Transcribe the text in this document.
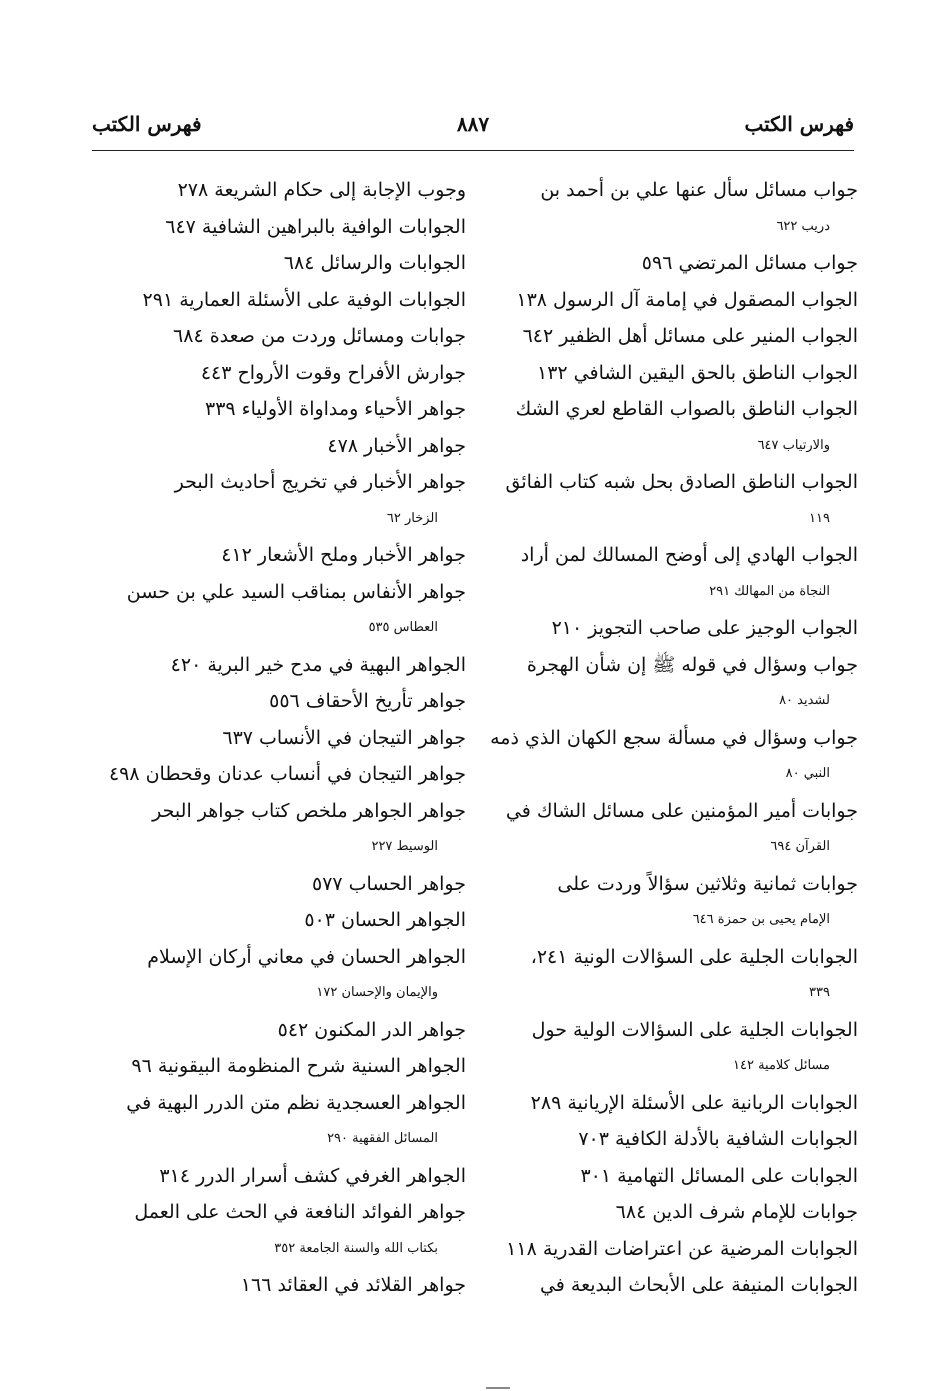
فهرس الكتب
٨٨٧
فهرس الكتب
جواب مسائل سأل عنها علي بن أحمد بن
دريب ٦٢٢
جواب مسائل المرتضي ٥٩٦
الجواب المصقول في إمامة آل الرسول ١٣٨
الجواب المنير على مسائل أهل الظفير ٦٤٢
الجواب الناطق بالحق اليقين الشافي ١٣٢
الجواب الناطق بالصواب القاطع لعري الشك
والارتياب ٦٤٧
الجواب الناطق الصادق بحل شبه كتاب الفائق
١١٩
الجواب الهادي إلى أوضح المسالك لمن أراد
النجاة من المهالك ٢٩١
الجواب الوجيز على صاحب التجويز ٢١٠
جواب وسؤال في قوله ﷺ إن شأن الهجرة
لشديد ٨٠
جواب وسؤال في مسألة سجع الكهان الذي ذمه
النبي ٨٠
جوابات أمير المؤمنين على مسائل الشاك في
القرآن ٦٩٤
جوابات ثمانية وثلاثين سؤالاً وردت على
الإمام يحيى بن حمزة ٦٤٦
الجوابات الجلية على السؤالات الونية ٢٤١،
٣٣٩
الجوابات الجلية على السؤالات الولية حول
مسائل كلامية ١٤٢
الجوابات الربانية على الأسئلة الإريانية ٢٨٩
الجوابات الشافية بالأدلة الكافية ٧٠٣
الجوابات على المسائل التهامية ٣٠١
جوابات للإمام شرف الدين ٦٨٤
الجوابات المرضية عن اعتراضات القدرية ١١٨
الجوابات المنيفة على الأبحاث البديعة في
وجوب الإجابة إلى حكام الشريعة ٢٧٨
الجوابات الوافية بالبراهين الشافية ٦٤٧
الجوابات والرسائل ٦٨٤
الجوابات الوفية على الأسئلة العمارية ٢٩١
جوابات ومسائل وردت من صعدة ٦٨٤
جوارش الأفراح وقوت الأرواح ٤٤٣
جواهر الأحياء ومداواة الأولياء ٣٣٩
جواهر الأخبار ٤٧٨
جواهر الأخبار في تخريج أحاديث البحر
الزخار ٦٢
جواهر الأخبار وملح الأشعار ٤١٢
جواهر الأنفاس بمناقب السيد علي بن حسن
العطاس ٥٣٥
الجواهر البهية في مدح خير البرية ٤٢٠
جواهر تأريخ الأحقاف ٥٥٦
جواهر التيجان في الأنساب ٦٣٧
جواهر التيجان في أنساب عدنان وقحطان ٤٩٨
جواهر الجواهر ملخص كتاب جواهر البحر
الوسيط ٢٢٧
جواهر الحساب ٥٧٧
الجواهر الحسان ٥٠٣
الجواهر الحسان في معاني أركان الإسلام
والإيمان والإحسان ١٧٢
جواهر الدر المكنون ٥٤٢
الجواهر السنية شرح المنظومة البيقونية ٩٦
الجواهر العسجدية نظم متن الدرر البهية في
المسائل الفقهية ٢٩٠
الجواهر الغرفي كشف أسرار الدرر ٣١٤
جواهر الفوائد النافعة في الحث على العمل
بكتاب الله والسنة الجامعة ٣٥٢
جواهر القلائد في العقائد ١٦٦
